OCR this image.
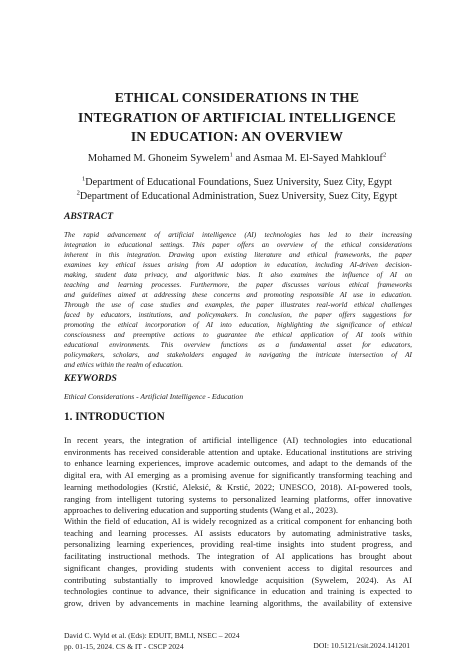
ETHICAL CONSIDERATIONS IN THE
INTEGRATION OF ARTIFICIAL INTELLIGENCE
IN EDUCATION: AN OVERVIEW
Mohamed M. Ghoneim Sywelem$^1$ and Asmaa M. El-Sayed Mahklouf$^2$
$^1$Department of Educational Foundations, Suez University, Suez City, Egypt
$^2$Department of Educational Administration, Suez University, Suez City, Egypt
ABSTRACT

The rapid advancement of artificial intelligence (AI) technologies has led to their increasing
integration in educational settings. This paper offers an overview of the ethical considerations
inherent in this integration. Drawing upon existing literature and ethical frameworks, the paper
examines key ethical issues arising from AI adoption in education, including AI-driven decision-
making, student data privacy, and algorithmic bias. It also examines the influence of AI on
teaching and learning processes. Furthermore, the paper discusses various ethical frameworks
and guidelines aimed at addressing these concerns and promoting responsible AI use in education.
Through the use of case studies and examples, the paper illustrates real-world ethical challenges
faced by educators, institutions, and policymakers. In conclusion, the paper offers suggestions for
promoting the ethical incorporation of AI into education, highlighting the significance of ethical
consciousness and preemptive actions to guarantee the ethical application of AI tools within
educational environments. This overview functions as a fundamental asset for educators,
policymakers, scholars, and stakeholders engaged in navigating the intricate intersection of AI
and ethics within the realm of education.

KEYWORDS

Ethical Considerations - Artificial Intelligence - Education

1. INTRODUCTION

In recent years, the integration of artificial intelligence (AI) technologies into educational
environments has received considerable attention and uptake. Educational institutions are striving
to enhance learning experiences, improve academic outcomes, and adapt to the demands of the
digital era, with AI emerging as a promising avenue for significantly transforming teaching and
learning methodologies (Krstić, Aleksić, & Krstić, 2022; UNESCO, 2018). AI-powered tools,
ranging from intelligent tutoring systems to personalized learning platforms, offer innovative
approaches to delivering education and supporting students (Wang et al., 2023).

Within the field of education, AI is widely recognized as a critical component for enhancing both
teaching and learning processes. AI assists educators by automating administrative tasks,
personalizing learning experiences, providing real-time insights into student progress, and
facilitating instructional methods. The integration of AI applications has brought about
significant changes, providing students with convenient access to digital resources and
contributing substantially to improved knowledge acquisition (Sywelem, 2024). As AI
technologies continue to advance, their significance in education and training is expected to
grow, driven by advancements in machine learning algorithms, the availability of extensive

David C. Wyld et al. (Eds): EDUIT, BMLI, NSEC – 2024
pp. 01-15, 2024. CS & IT - CSCP 2024	DOI: 10.5121/csit.2024.141201
